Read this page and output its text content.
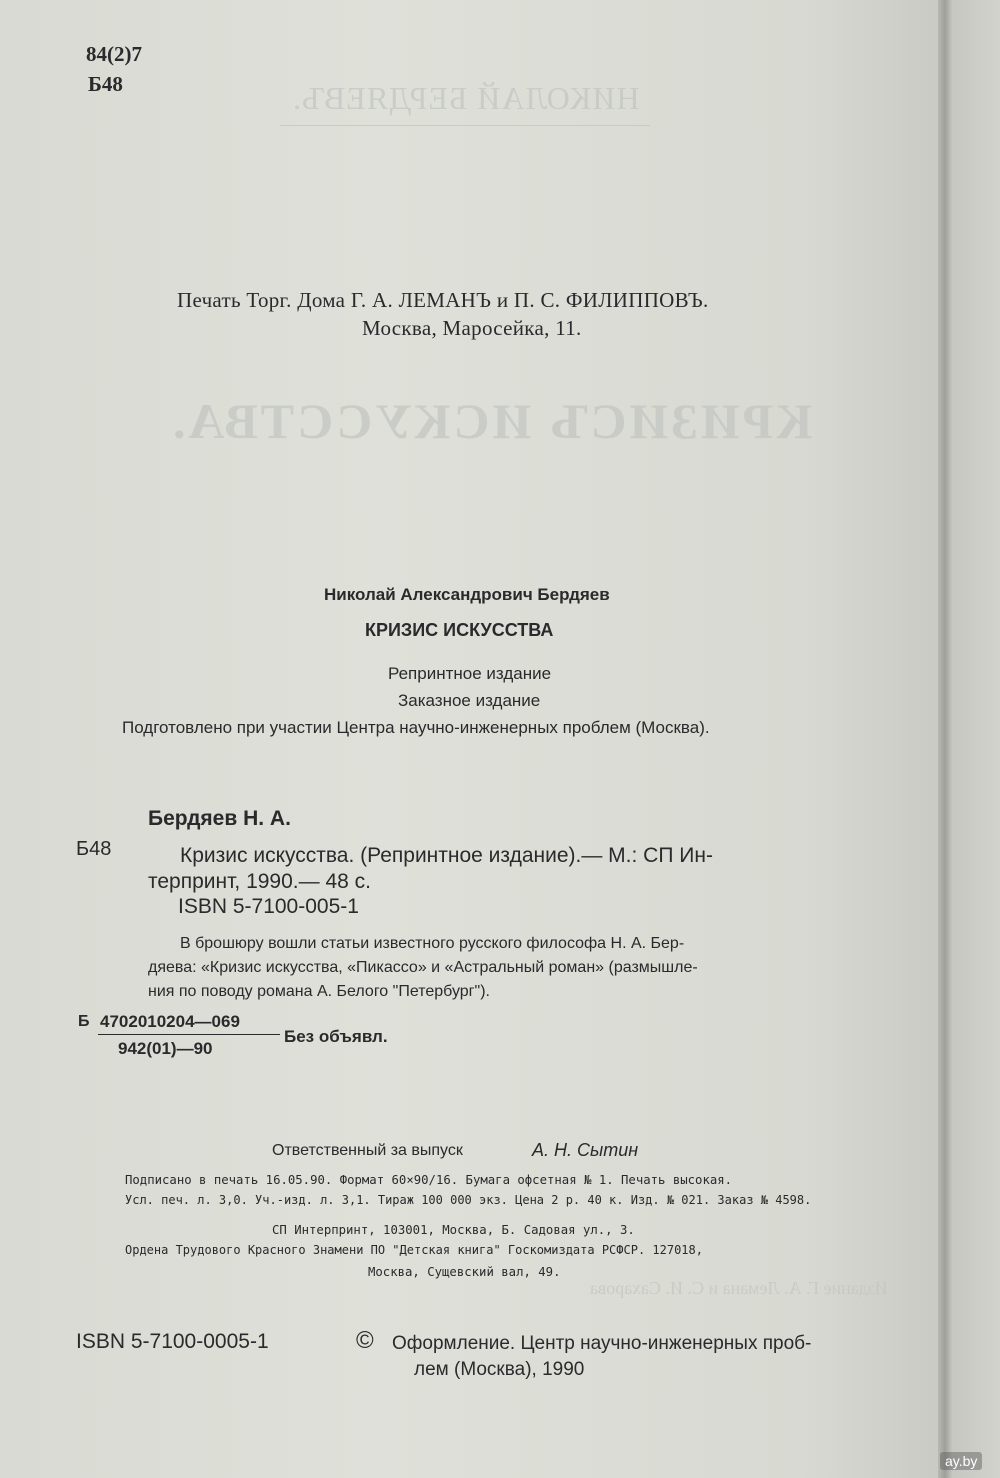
НИКОЛАЙ БЕРДЯЕВЪ.
КРИЗИСЪ ИСКУССТВА.
Издание Г. А. Лемана и С. И. Сахарова
84(2)7
Б48
Печать Торг. Дома Г. А. ЛЕМАНЪ и П. С. ФИЛИППОВЪ.
Москва, Маросейка, 11.
Николай Александрович Бердяев
КРИЗИС ИСКУССТВА
Репринтное издание
Заказное издание
Подготовлено при участии Центра научно-инженерных проблем (Москва).
Бердяев Н. А.
Б48	Кризис искусства. (Репринтное издание).— М.: СП Ин-
терпринт, 1990.— 48 с.
ISBN 5-7100-005-1
В брошюру вошли статьи известного русского философа Н. А. Бер-
дяева: «Кризис искусства, «Пикассо» и «Астральный роман» (размышле-
ния по поводу романа А. Белого "Петербург").
Б 4702010204—069
942(01)—90
Без объявл.
Ответственный за выпуск	А. Н. Сытин
Подписано в печать 16.05.90. Формат 60×90/16. Бумага офсетная № 1. Печать высокая.
Усл. печ. л. 3,0. Уч.-изд. л. 3,1. Тираж 100 000 экз. Цена 2 р. 40 к. Изд. № 021. Заказ № 4598.
СП Интерпринт, 103001, Москва, Б. Садовая ул., 3.
Ордена Трудового Красного Знамени ПО "Детская книга" Госкомиздата РСФСР. 127018,
Москва, Сущевский вал, 49.
ISBN 5-7100-0005-1	© Оформление. Центр научно-инженерных проб-
лем (Москва), 1990
ay.by
